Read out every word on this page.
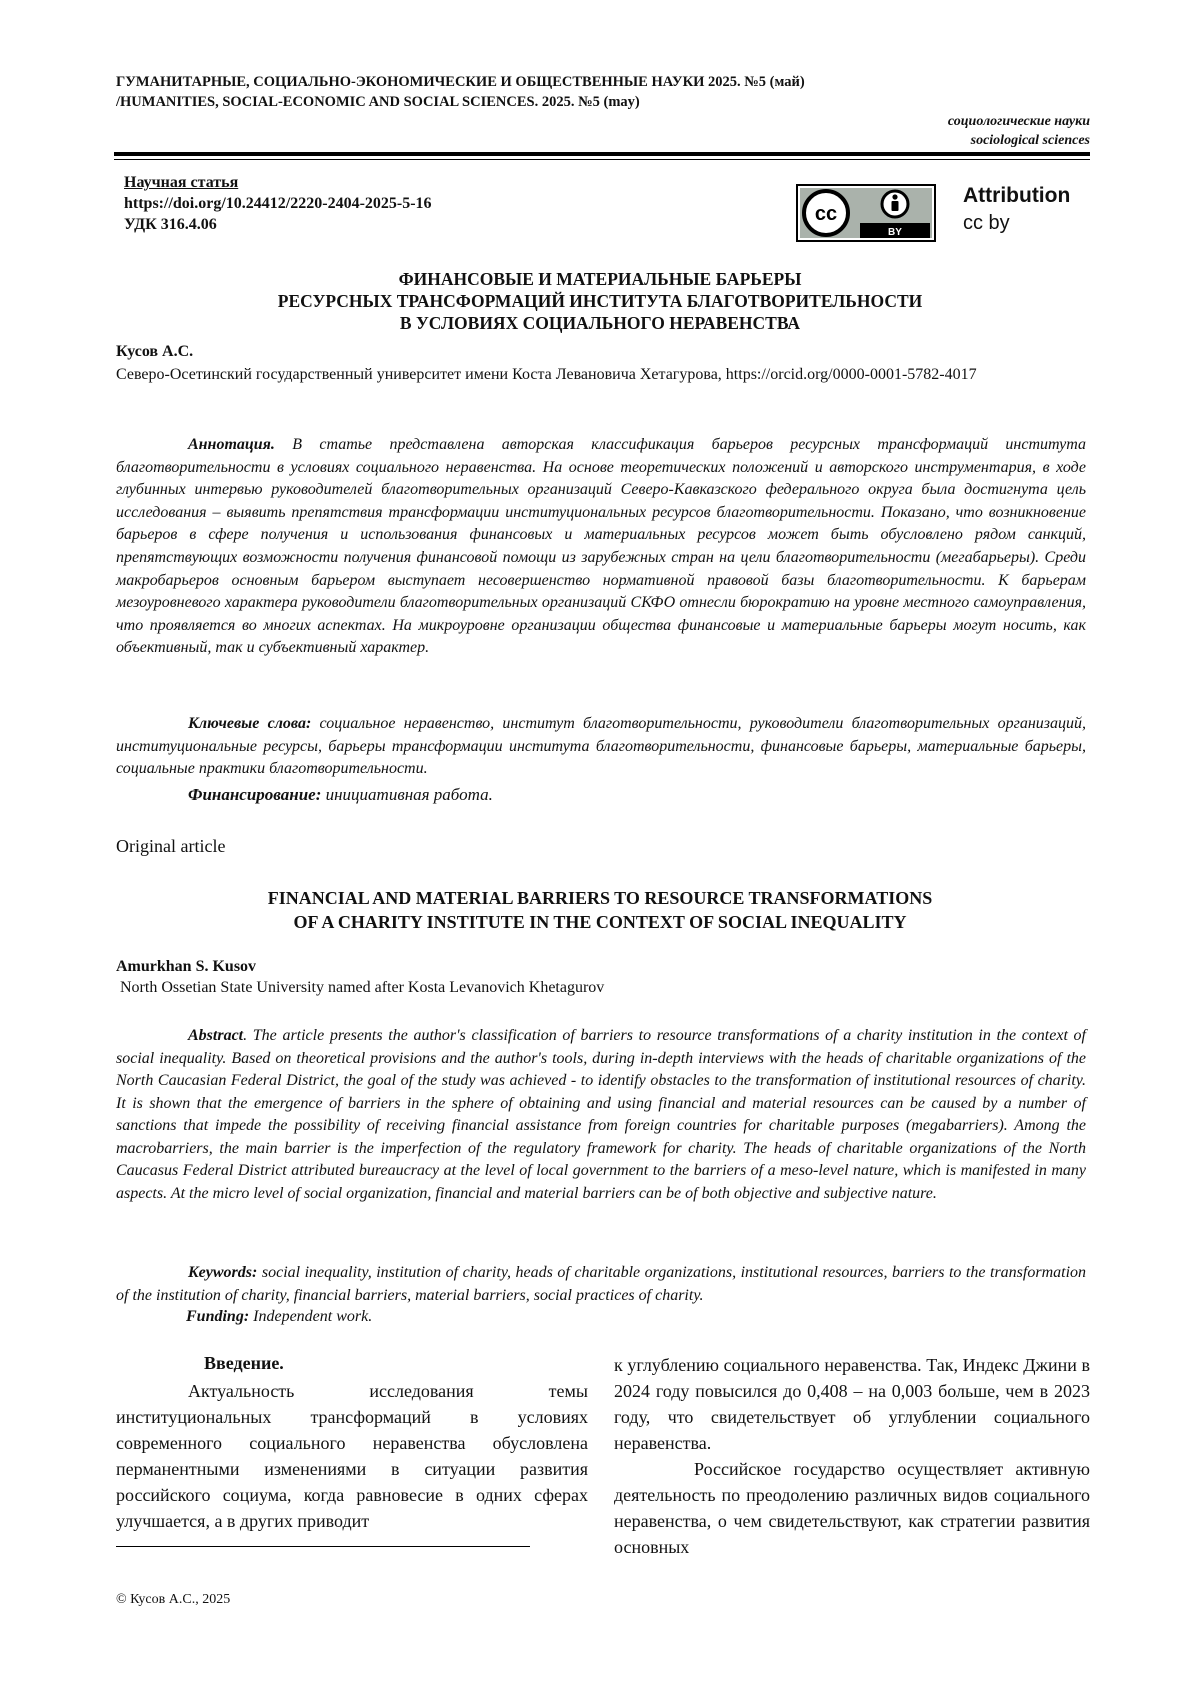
ГУМАНИТАРНЫЕ, СОЦИАЛЬНО-ЭКОНОМИЧЕСКИЕ И ОБЩЕСТВЕННЫЕ НАУКИ 2025. №5 (май)
/HUMANITIES, SOCIAL-ECONOMIC AND SOCIAL SCIENCES. 2025. №5 (may)
социологические науки
sociological sciences
Научная статья
https://doi.org/10.24412/2220-2404-2025-5-16
УДК 316.4.06	cc
BY
Attribution
cc by
ФИНАНСОВЫЕ И МАТЕРИАЛЬНЫЕ БАРЬЕРЫ
РЕСУРСНЫХ ТРАНСФОРМАЦИЙ ИНСТИТУТА БЛАГОТВОРИТЕЛЬНОСТИ
В УСЛОВИЯХ СОЦИАЛЬНОГО НЕРАВЕНСТВА
Кусов А.С.
Северо-Осетинский государственный университет имени Коста Левановича Хетагурова, https://orcid.org/0000-0001-5782-4017
Аннотация. В статье представлена авторская классификация барьеров ресурсных трансформаций института благотворительности в условиях социального неравенства. На основе теоретических положений и авторского инструментария, в ходе глубинных интервью руководителей благотворительных организаций Северо-Кавказского федерального округа была достигнута цель исследования – выявить препятствия трансформации институциональных ресурсов благотворительности. Показано, что возникновение барьеров в сфере получения и использования финансовых и материальных ресурсов может быть обусловлено рядом санкций, препятствующих возможности получения финансовой помощи из зарубежных стран на цели благотворительности (мегабарьеры). Среди макробарьеров основным барьером выступает несовершенство нормативной правовой базы благотворительности. К барьерам мезоуровневого характера руководители благотворительных организаций СКФО отнесли бюрократию на уровне местного самоуправления, что проявляется во многих аспектах. На микроуровне организации общества финансовые и материальные барьеры могут носить, как объективный, так и субъективный характер.
Ключевые слова: социальное неравенство, институт благотворительности, руководители благотворительных организаций, институциональные ресурсы, барьеры трансформации института благотворительности, финансовые барьеры, материальные барьеры, социальные практики благотворительности.
Финансирование: инициативная работа.
Original article
FINANCIAL AND MATERIAL BARRIERS TO RESOURCE TRANSFORMATIONS
OF A CHARITY INSTITUTE IN THE CONTEXT OF SOCIAL INEQUALITY
Amurkhan S. Kusov
North Ossetian State University named after Kosta Levanovich Khetagurov
Abstract. The article presents the author's classification of barriers to resource transformations of a charity institution in the context of social inequality. Based on theoretical provisions and the author's tools, during in-depth interviews with the heads of charitable organizations of the North Caucasian Federal District, the goal of the study was achieved - to identify obstacles to the transformation of institutional resources of charity. It is shown that the emergence of barriers in the sphere of obtaining and using financial and material resources can be caused by a number of sanctions that impede the possibility of receiving financial assistance from foreign countries for charitable purposes (megabarriers). Among the macrobarriers, the main barrier is the imperfection of the regulatory framework for charity. The heads of charitable organizations of the North Caucasus Federal District attributed bureaucracy at the level of local government to the barriers of a meso-level nature, which is manifested in many aspects. At the micro level of social organization, financial and material barriers can be of both objective and subjective nature.
Keywords: social inequality, institution of charity, heads of charitable organizations, institutional resources, barriers to the transformation of the institution of charity, financial barriers, material barriers, social practices of charity.
Funding: Independent work.
Введение.
Актуальность исследования темы институциональных трансформаций в условиях современного социального неравенства обусловлена перманентными изменениями в ситуации развития российского социума, когда равновесие в одних сферах улучшается, а в других приводит
к углублению социального неравенства. Так, Индекс Джини в 2024 году повысился до 0,408 – на 0,003 больше, чем в 2023 году, что свидетельствует об углублении социального неравенства.
Российское государство осуществляет активную деятельность по преодолению различных видов социального неравенства, о чем свидетельствуют, как стратегии развития основных
© Кусов А.С., 2025
